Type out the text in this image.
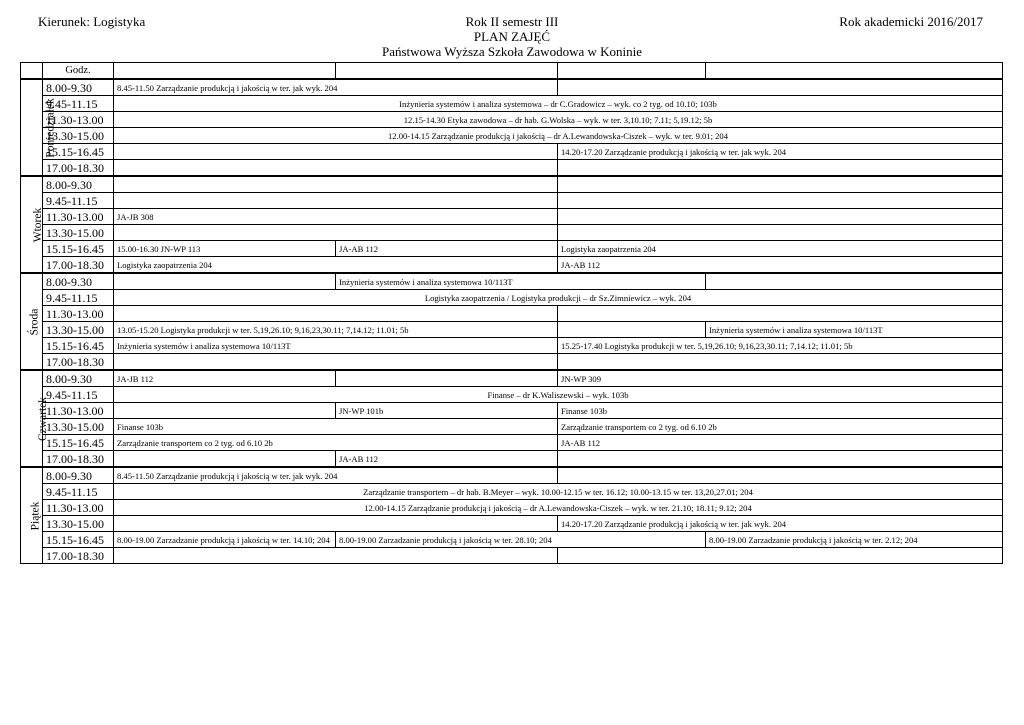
Kierunek: Logistyka	Rok II semestr III
PLAN ZAJĘĆ
Państwowa Wyższa Szkoła Zawodowa w Koninie
Rok akademicki 2016/2017
	Godz.				
Poniedziałek	8.00-9.30	8.45-11.50 Zarządzanie produkcją i jakością w ter. jak wyk. 204			
	9.45-11.15	Inżynieria systemów i analiza systemowa – dr C.Gradowicz – wyk. co 2 tyg. od 10.10; 103b			
	11.30-13.00	12.15-14.30 Etyka zawodowa – dr hab. G.Wolska – wyk. w ter. 3,10.10; 7.11; 5,19.12; 5b			
	13.30-15.00	12.00-14.15 Zarządzanie produkcją i jakością – dr A.Lewandowska-Ciszek – wyk. w ter. 9.01; 204			
	15.15-16.45			14.20-17.20 Zarządzanie produkcją i jakością w ter. jak wyk. 204	
	17.00-18.30				
Wtorek	8.00-9.30				
	9.45-11.15				
	11.30-13.00	JA-JB 308			
	13.30-15.00				
	15.15-16.45	15.00-16.30 JN-WP 113	JA-AB 112	Logistyka zaopatrzenia 204	
	17.00-18.30	Logistyka zaopatrzenia 204		JA-AB 112	
Środa	8.00-9.30		Inżynieria systemów i analiza systemowa 10/113T		
	9.45-11.15	Logistyka zaopatrzenia / Logistyka produkcji – dr Sz.Zimniewicz – wyk. 204			
	11.30-13.00				
	13.30-15.00	13.05-15.20 Logistyka produkcji w ter. 5,19,26.10; 9,16,23,30.11; 7,14.12; 11.01; 5b			Inżynieria systemów i analiza systemowa 10/113T
	15.15-16.45	Inżynieria systemów i analiza systemowa 10/113T		15.25-17.40 Logistyka produkcji w ter. 5,19,26.10; 9,16,23,30.11; 7,14.12; 11.01; 5b	
	17.00-18.30				
Czwartek	8.00-9.30	JA-JB 112		JN-WP 309	
	9.45-11.15	Finanse – dr K.Waliszewski – wyk. 103b			
	11.30-13.00		JN-WP 101b	Finanse 103b	
	13.30-15.00	Finanse 103b		Zarządzanie transportem co 2 tyg. od 6.10 2b	
	15.15-16.45	Zarządzanie transportem co 2 tyg. od 6.10 2b		JA-AB 112	
	17.00-18.30		JA-AB 112		
Piątek	8.00-9.30	8.45-11.50 Zarządzanie produkcją i jakością w ter. jak wyk. 204			
	9.45-11.15	Zarządzanie transportem – dr hab. B.Meyer – wyk. 10.00-12.15 w ter. 16.12; 10.00-13.15 w ter. 13,20,27.01; 204			
	11.30-13.00	12.00-14.15 Zarządzanie produkcją i jakością – dr A.Lewandowska-Ciszek – wyk. w ter. 21.10; 18.11; 9.12; 204			
	13.30-15.00			14.20-17.20 Zarządzanie produkcją i jakością w ter. jak wyk. 204	
	15.15-16.45	8.00-19.00 Zarzadzanie produkcją i jakością w ter. 14.10; 204	8.00-19.00 Zarzadzanie produkcją i jakością w ter. 28.10; 204		8.00-19.00 Zarzadzanie produkcją i jakością w ter. 2.12; 204
	17.00-18.30				
